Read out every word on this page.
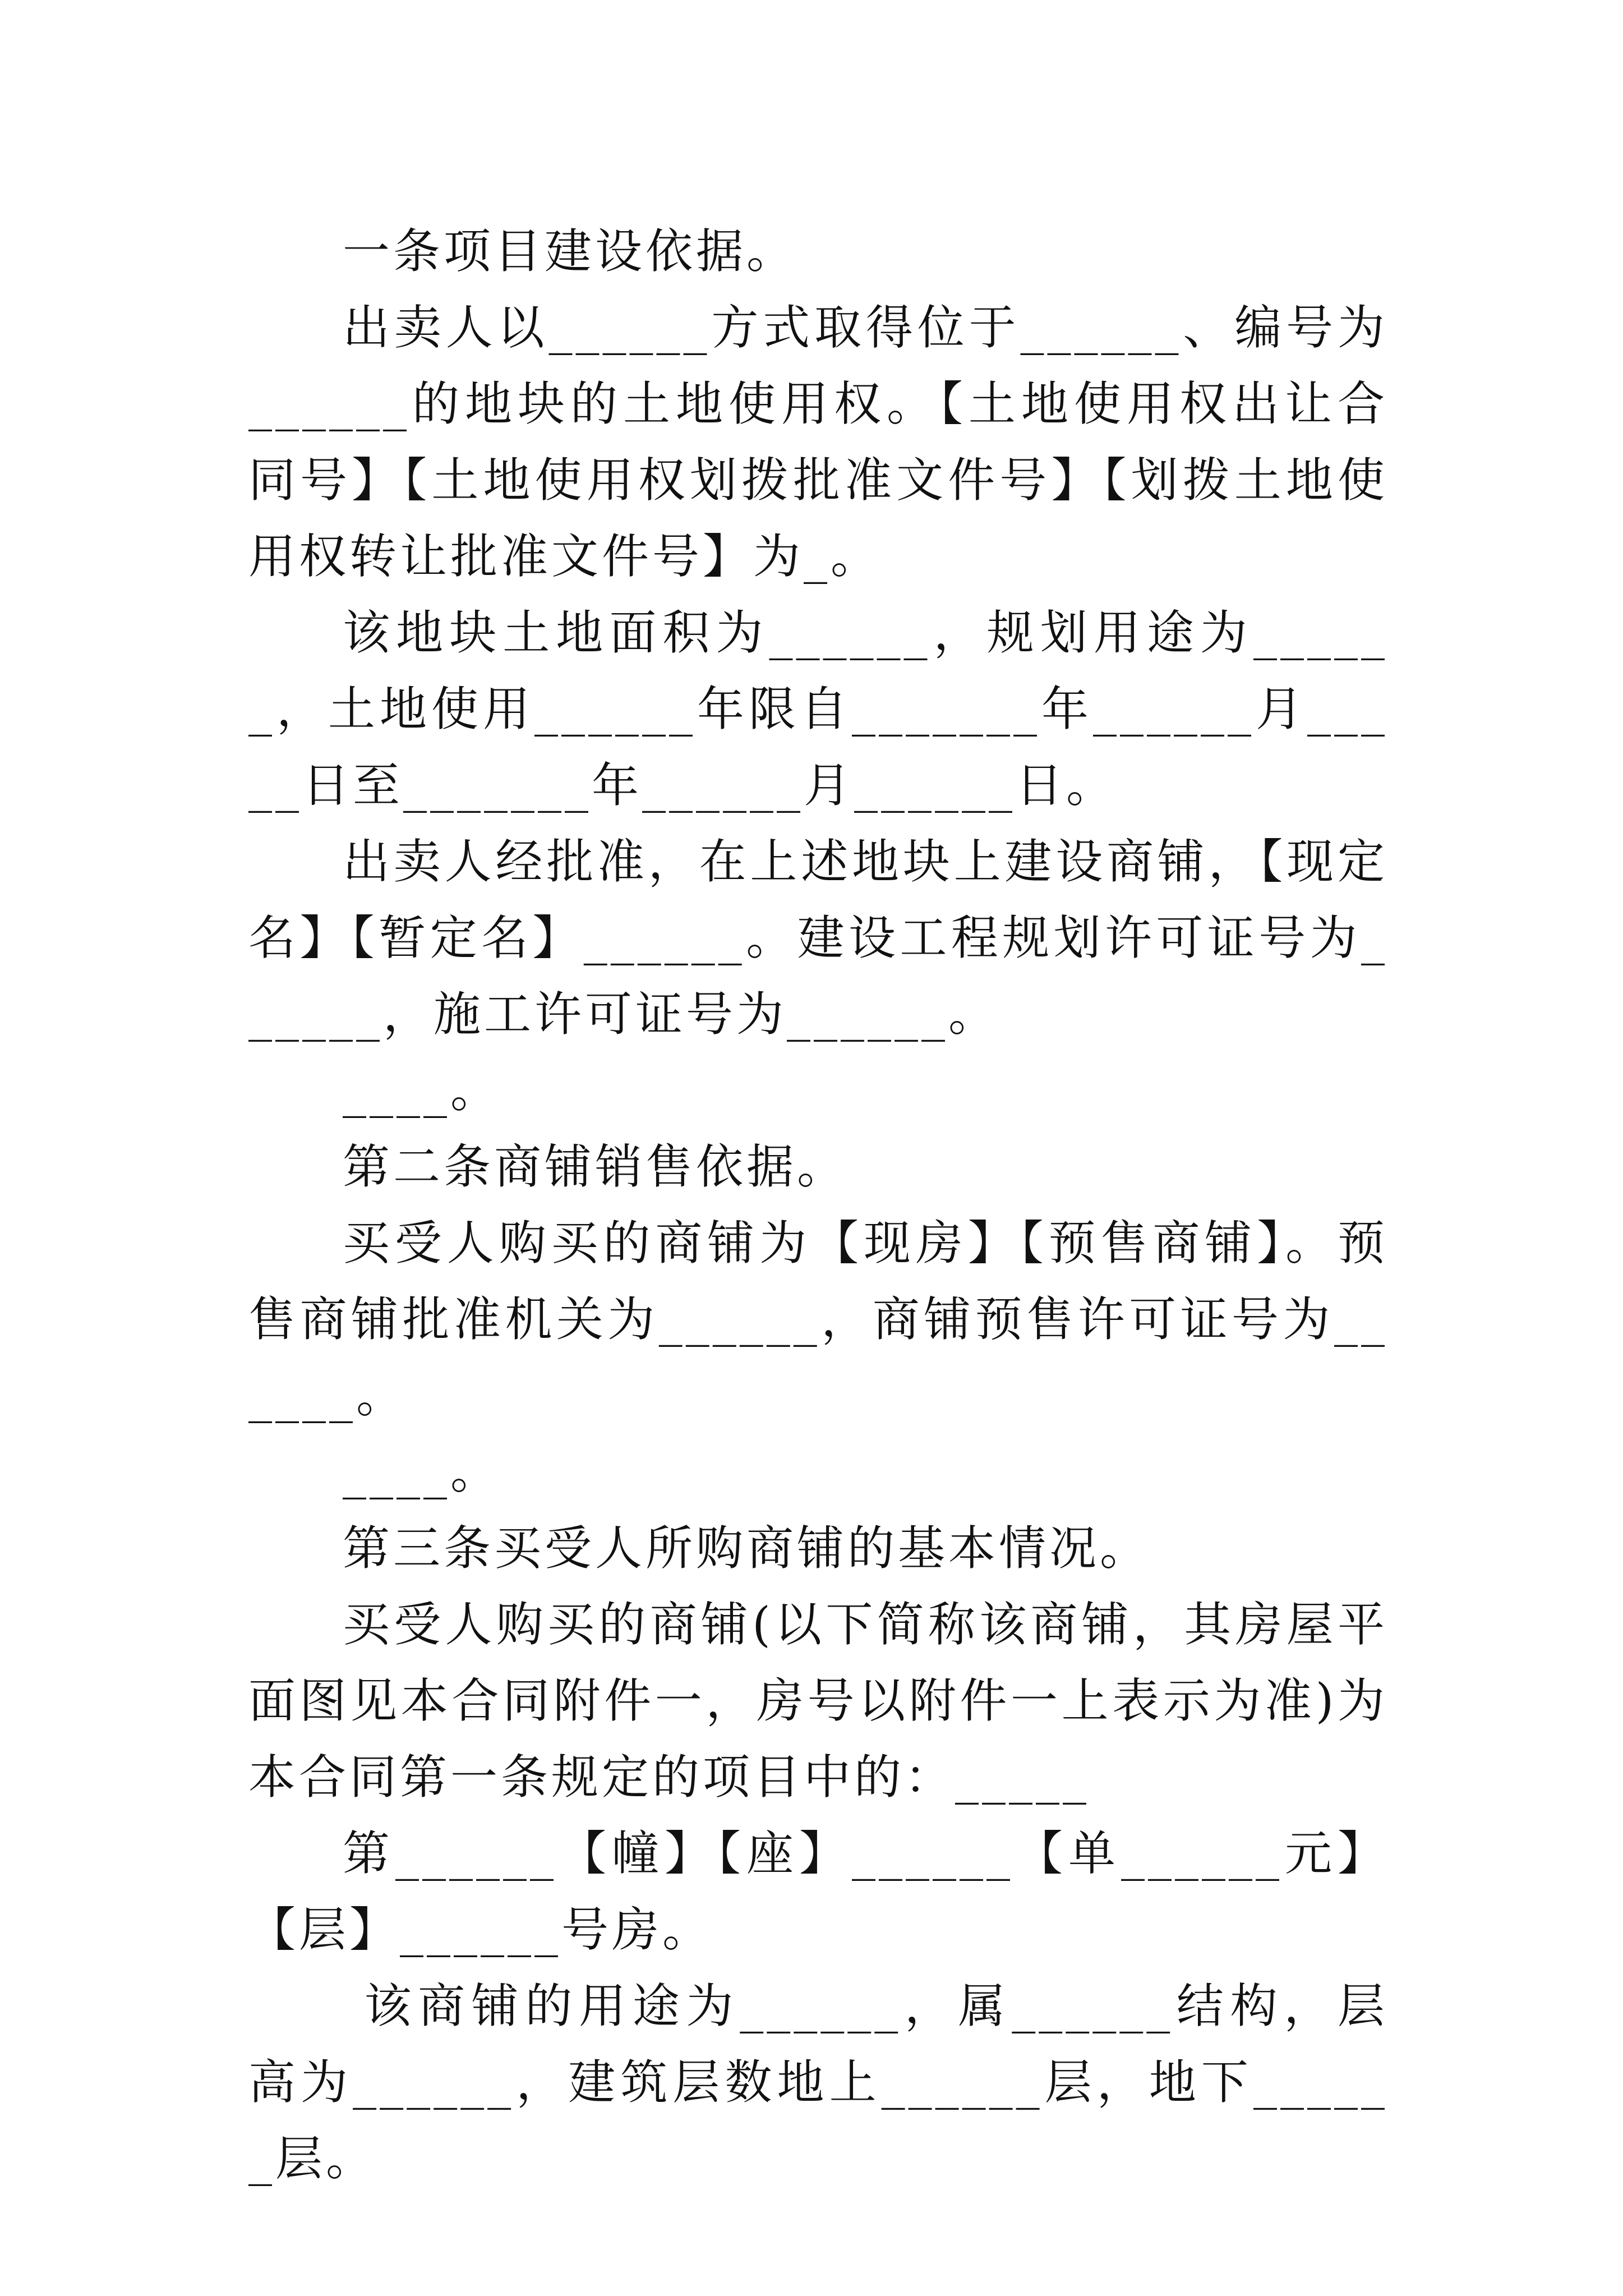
一条项目建设依据。

出卖人以______方式取得位于______、编号为______的地块的土地使用权。【土地使用权出让合同号】【土地使用权划拨批准文件号】【划拨土地使用权转让批准文件号】为_。

该地块土地面积为______，规划用途为______，土地使用______年限自_______年______月_____日至_______年______月______日。

出卖人经批准，在上述地块上建设商铺，【现定名】【暂定名】______。建设工程规划许可证号为______，施工许可证号为______。

____。

第二条商铺销售依据。

买受人购买的商铺为【现房】【预售商铺】。预售商铺批准机关为______，商铺预售许可证号为______。

____。

第三条买受人所购商铺的基本情况。

买受人购买的商铺(以下简称该商铺，其房屋平面图见本合同附件一，房号以附件一上表示为准)为本合同第一条规定的项目中的：_____

第______【幢】【座】______【单______元】【层】______号房。

该商铺的用途为______，属______结构，层高为______，建筑层数地上______层，地下______层。
